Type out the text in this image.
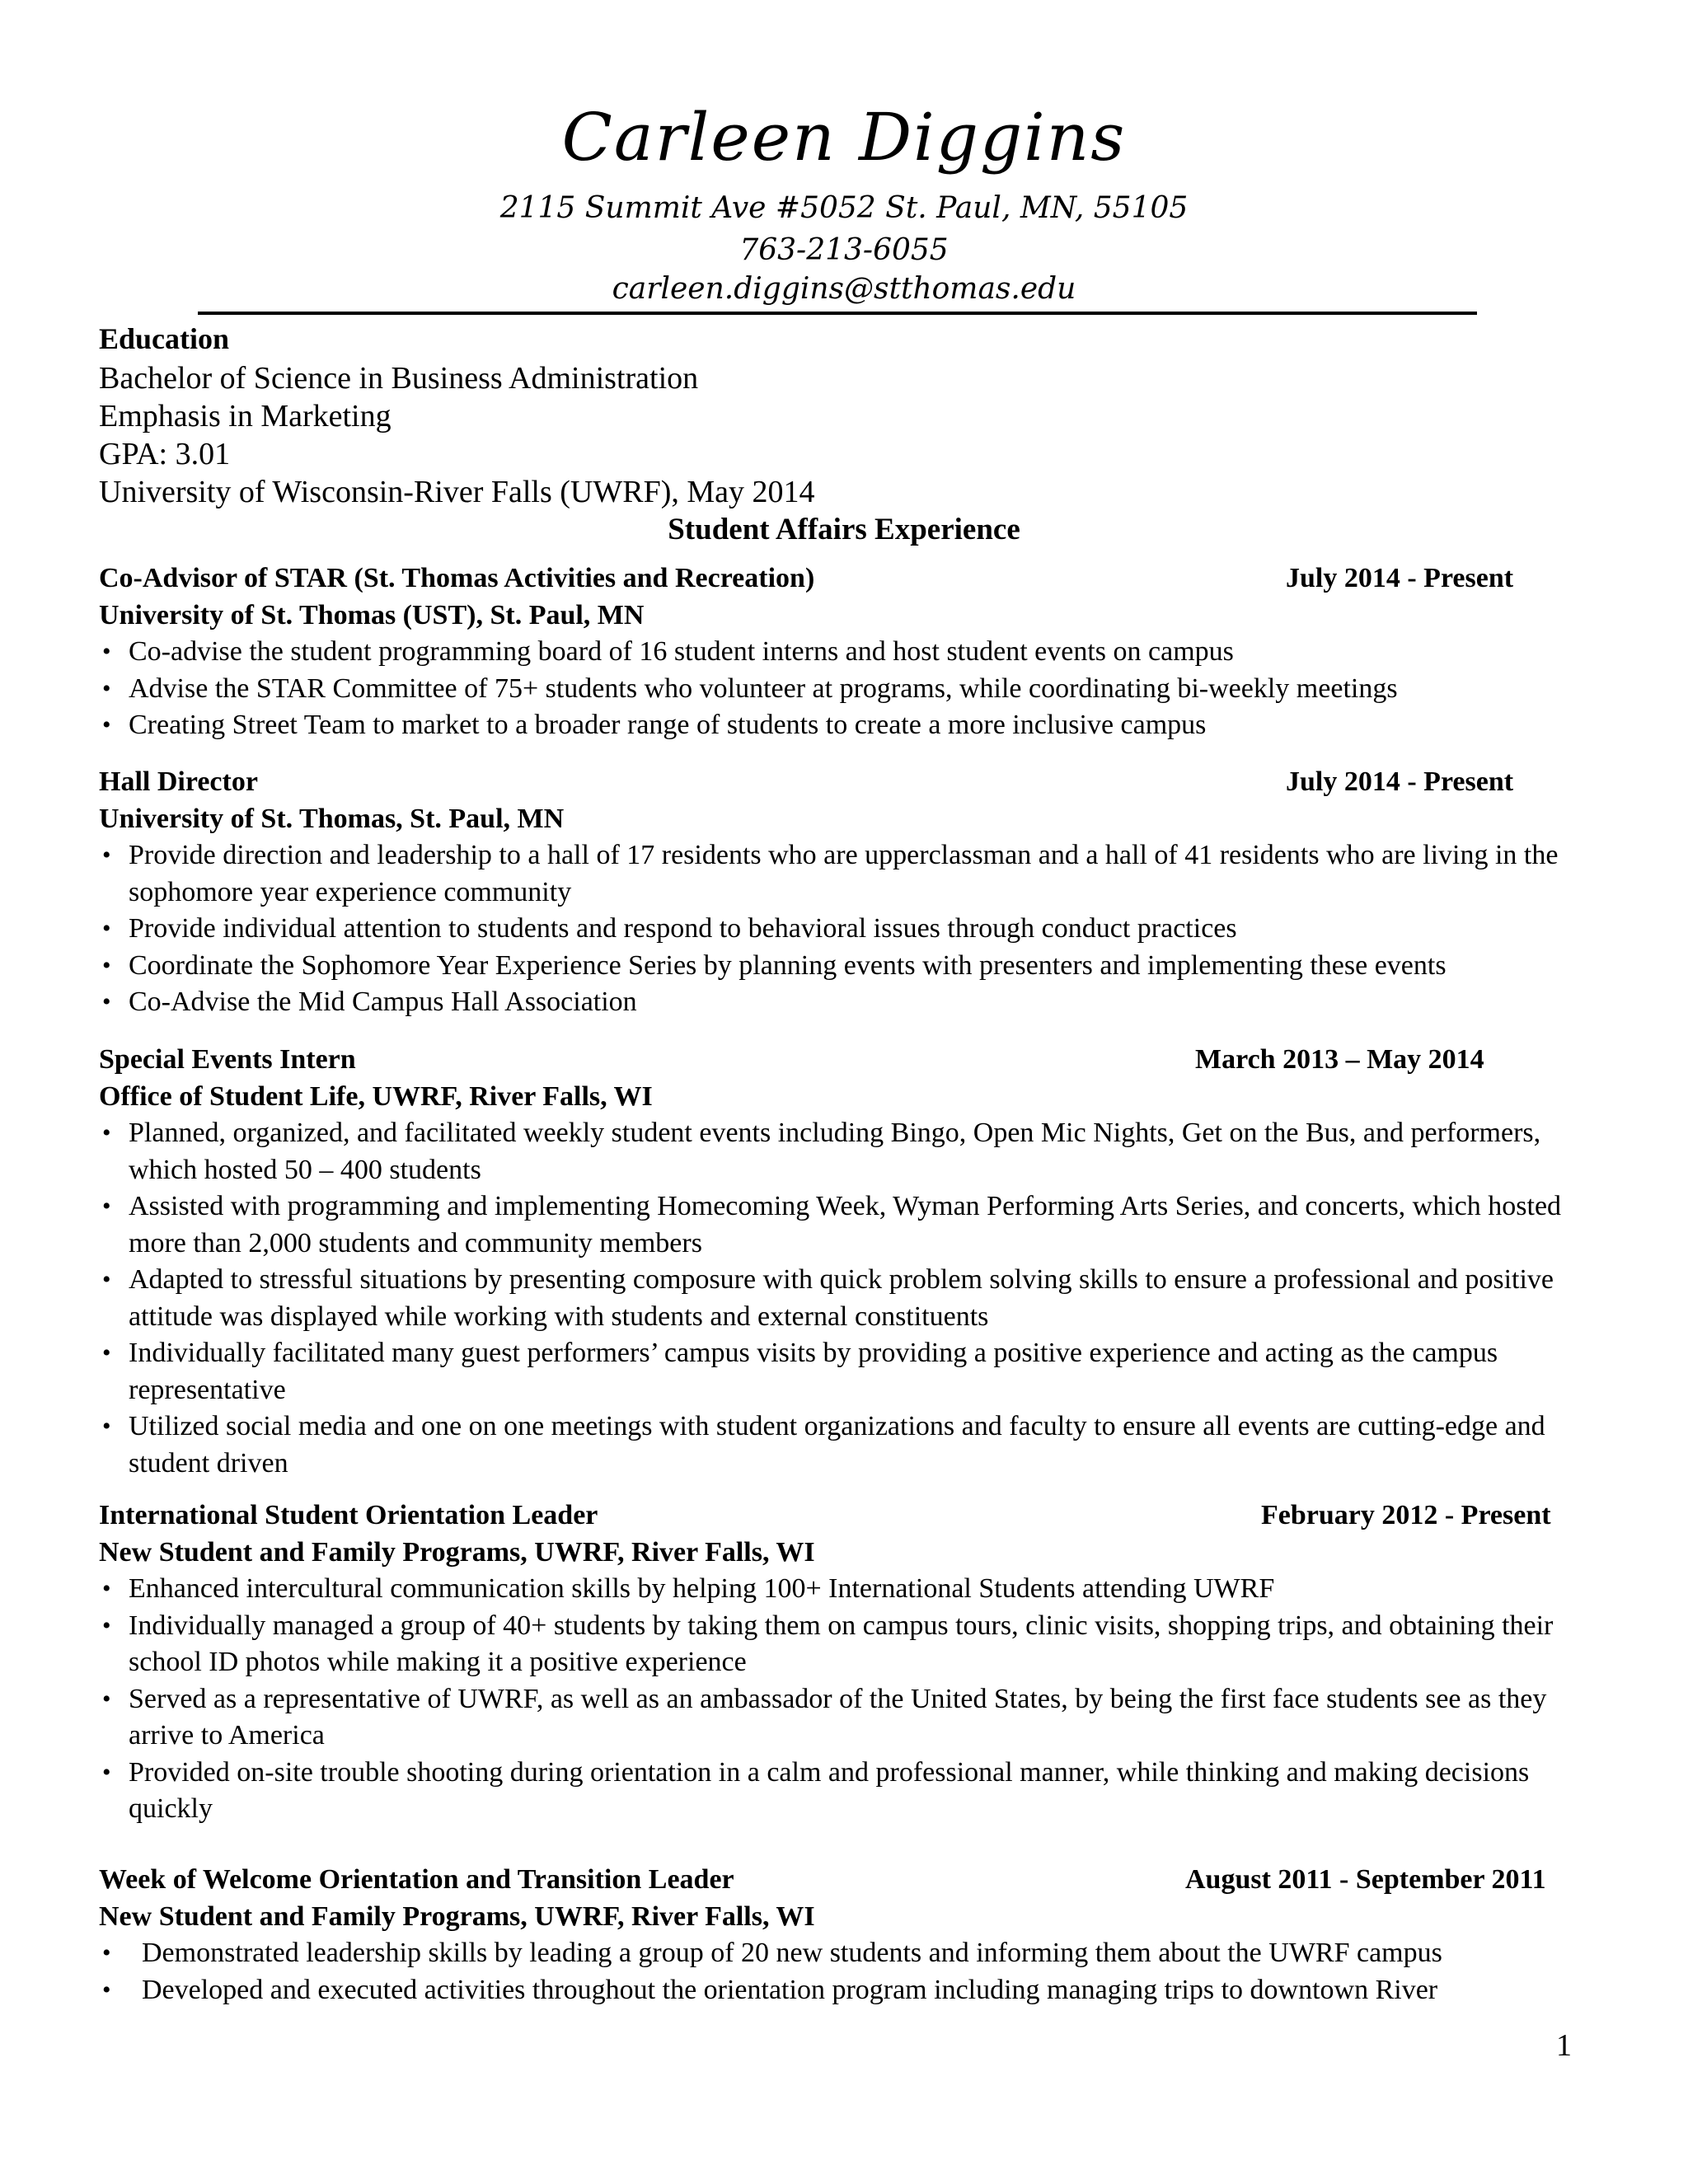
Carleen Diggins
2115 Summit Ave #5052 St. Paul, MN, 55105
763-213-6055
carleen.diggins@stthomas.edu
Education
Bachelor of Science in Business Administration
Emphasis in Marketing
GPA: 3.01
University of Wisconsin-River Falls (UWRF), May 2014
Student Affairs Experience
Co-Advisor of STAR (St. Thomas Activities and Recreation)	July 2014 - Present
University of St. Thomas (UST), St. Paul, MN
• Co-advise the student programming board of 16 student interns and host student events on campus
• Advise the STAR Committee of 75+ students who volunteer at programs, while coordinating bi-weekly meetings
• Creating Street Team to market to a broader range of students to create a more inclusive campus
Hall Director	July 2014 - Present
University of St. Thomas, St. Paul, MN
• Provide direction and leadership to a hall of 17 residents who are upperclassman and a hall of 41 residents who are living in the sophomore year experience community
• Provide individual attention to students and respond to behavioral issues through conduct practices
• Coordinate the Sophomore Year Experience Series by planning events with presenters and implementing these events
• Co-Advise the Mid Campus Hall Association
Special Events Intern	March 2013 – May 2014
Office of Student Life, UWRF, River Falls, WI
• Planned, organized, and facilitated weekly student events including Bingo, Open Mic Nights, Get on the Bus, and performers, which hosted 50 – 400 students
• Assisted with programming and implementing Homecoming Week, Wyman Performing Arts Series, and concerts, which hosted more than 2,000 students and community members
• Adapted to stressful situations by presenting composure with quick problem solving skills to ensure a professional and positive attitude was displayed while working with students and external constituents
• Individually facilitated many guest performers’ campus visits by providing a positive experience and acting as the campus representative
• Utilized social media and one on one meetings with student organizations and faculty to ensure all events are cutting-edge and student driven
International Student Orientation Leader	February 2012 - Present
New Student and Family Programs, UWRF, River Falls, WI
• Enhanced intercultural communication skills by helping 100+ International Students attending UWRF
• Individually managed a group of 40+ students by taking them on campus tours, clinic visits, shopping trips, and obtaining their school ID photos while making it a positive experience
• Served as a representative of UWRF, as well as an ambassador of the United States, by being the first face students see as they arrive to America
• Provided on-site trouble shooting during orientation in a calm and professional manner, while thinking and making decisions quickly
Week of Welcome Orientation and Transition Leader	August 2011 - September 2011
New Student and Family Programs, UWRF, River Falls, WI
• Demonstrated leadership skills by leading a group of 20 new students and informing them about the UWRF campus
• Developed and executed activities throughout the orientation program including managing trips to downtown River
1
